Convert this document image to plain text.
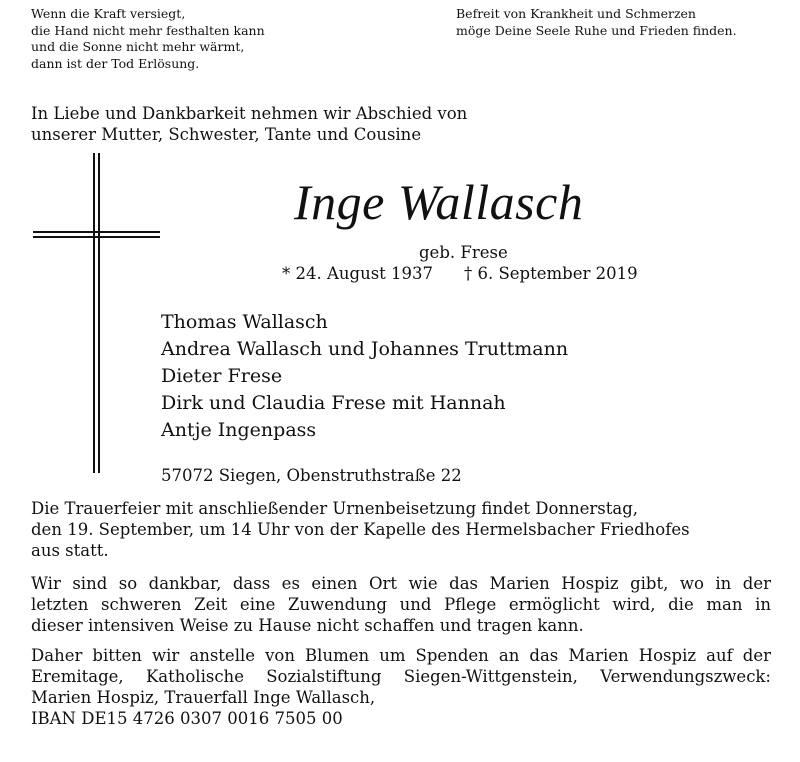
Wenn die Kraft versiegt,
die Hand nicht mehr festhalten kann
und die Sonne nicht mehr wärmt,
dann ist der Tod Erlösung.
Befreit von Krankheit und Schmerzen
möge Deine Seele Ruhe und Frieden finden.
In Liebe und Dankbarkeit nehmen wir Abschied von
unserer Mutter, Schwester, Tante und Cousine
Inge Wallasch
geb. Frese
* 24. August 1937 † 6. September 2019
Thomas Wallasch
Andrea Wallasch und Johannes Truttmann
Dieter Frese
Dirk und Claudia Frese mit Hannah
Antje Ingenpass
57072 Siegen, Obenstruthstraße 22
Die Trauerfeier mit anschließender Urnenbeisetzung findet Donnerstag,
den 19. September, um 14 Uhr von der Kapelle des Hermelsbacher Friedhofes
aus statt.
Wir sind so dankbar, dass es einen Ort wie das Marien Hospiz gibt, wo in der
letzten schweren Zeit eine Zuwendung und Pflege ermöglicht wird, die man in
dieser intensiven Weise zu Hause nicht schaffen und tragen kann.
Daher bitten wir anstelle von Blumen um Spenden an das Marien Hospiz auf der
Eremitage, Katholische Sozialstiftung Siegen-Wittgenstein, Verwendungszweck:
Marien Hospiz, Trauerfall Inge Wallasch,
IBAN DE15 4726 0307 0016 7505 00
